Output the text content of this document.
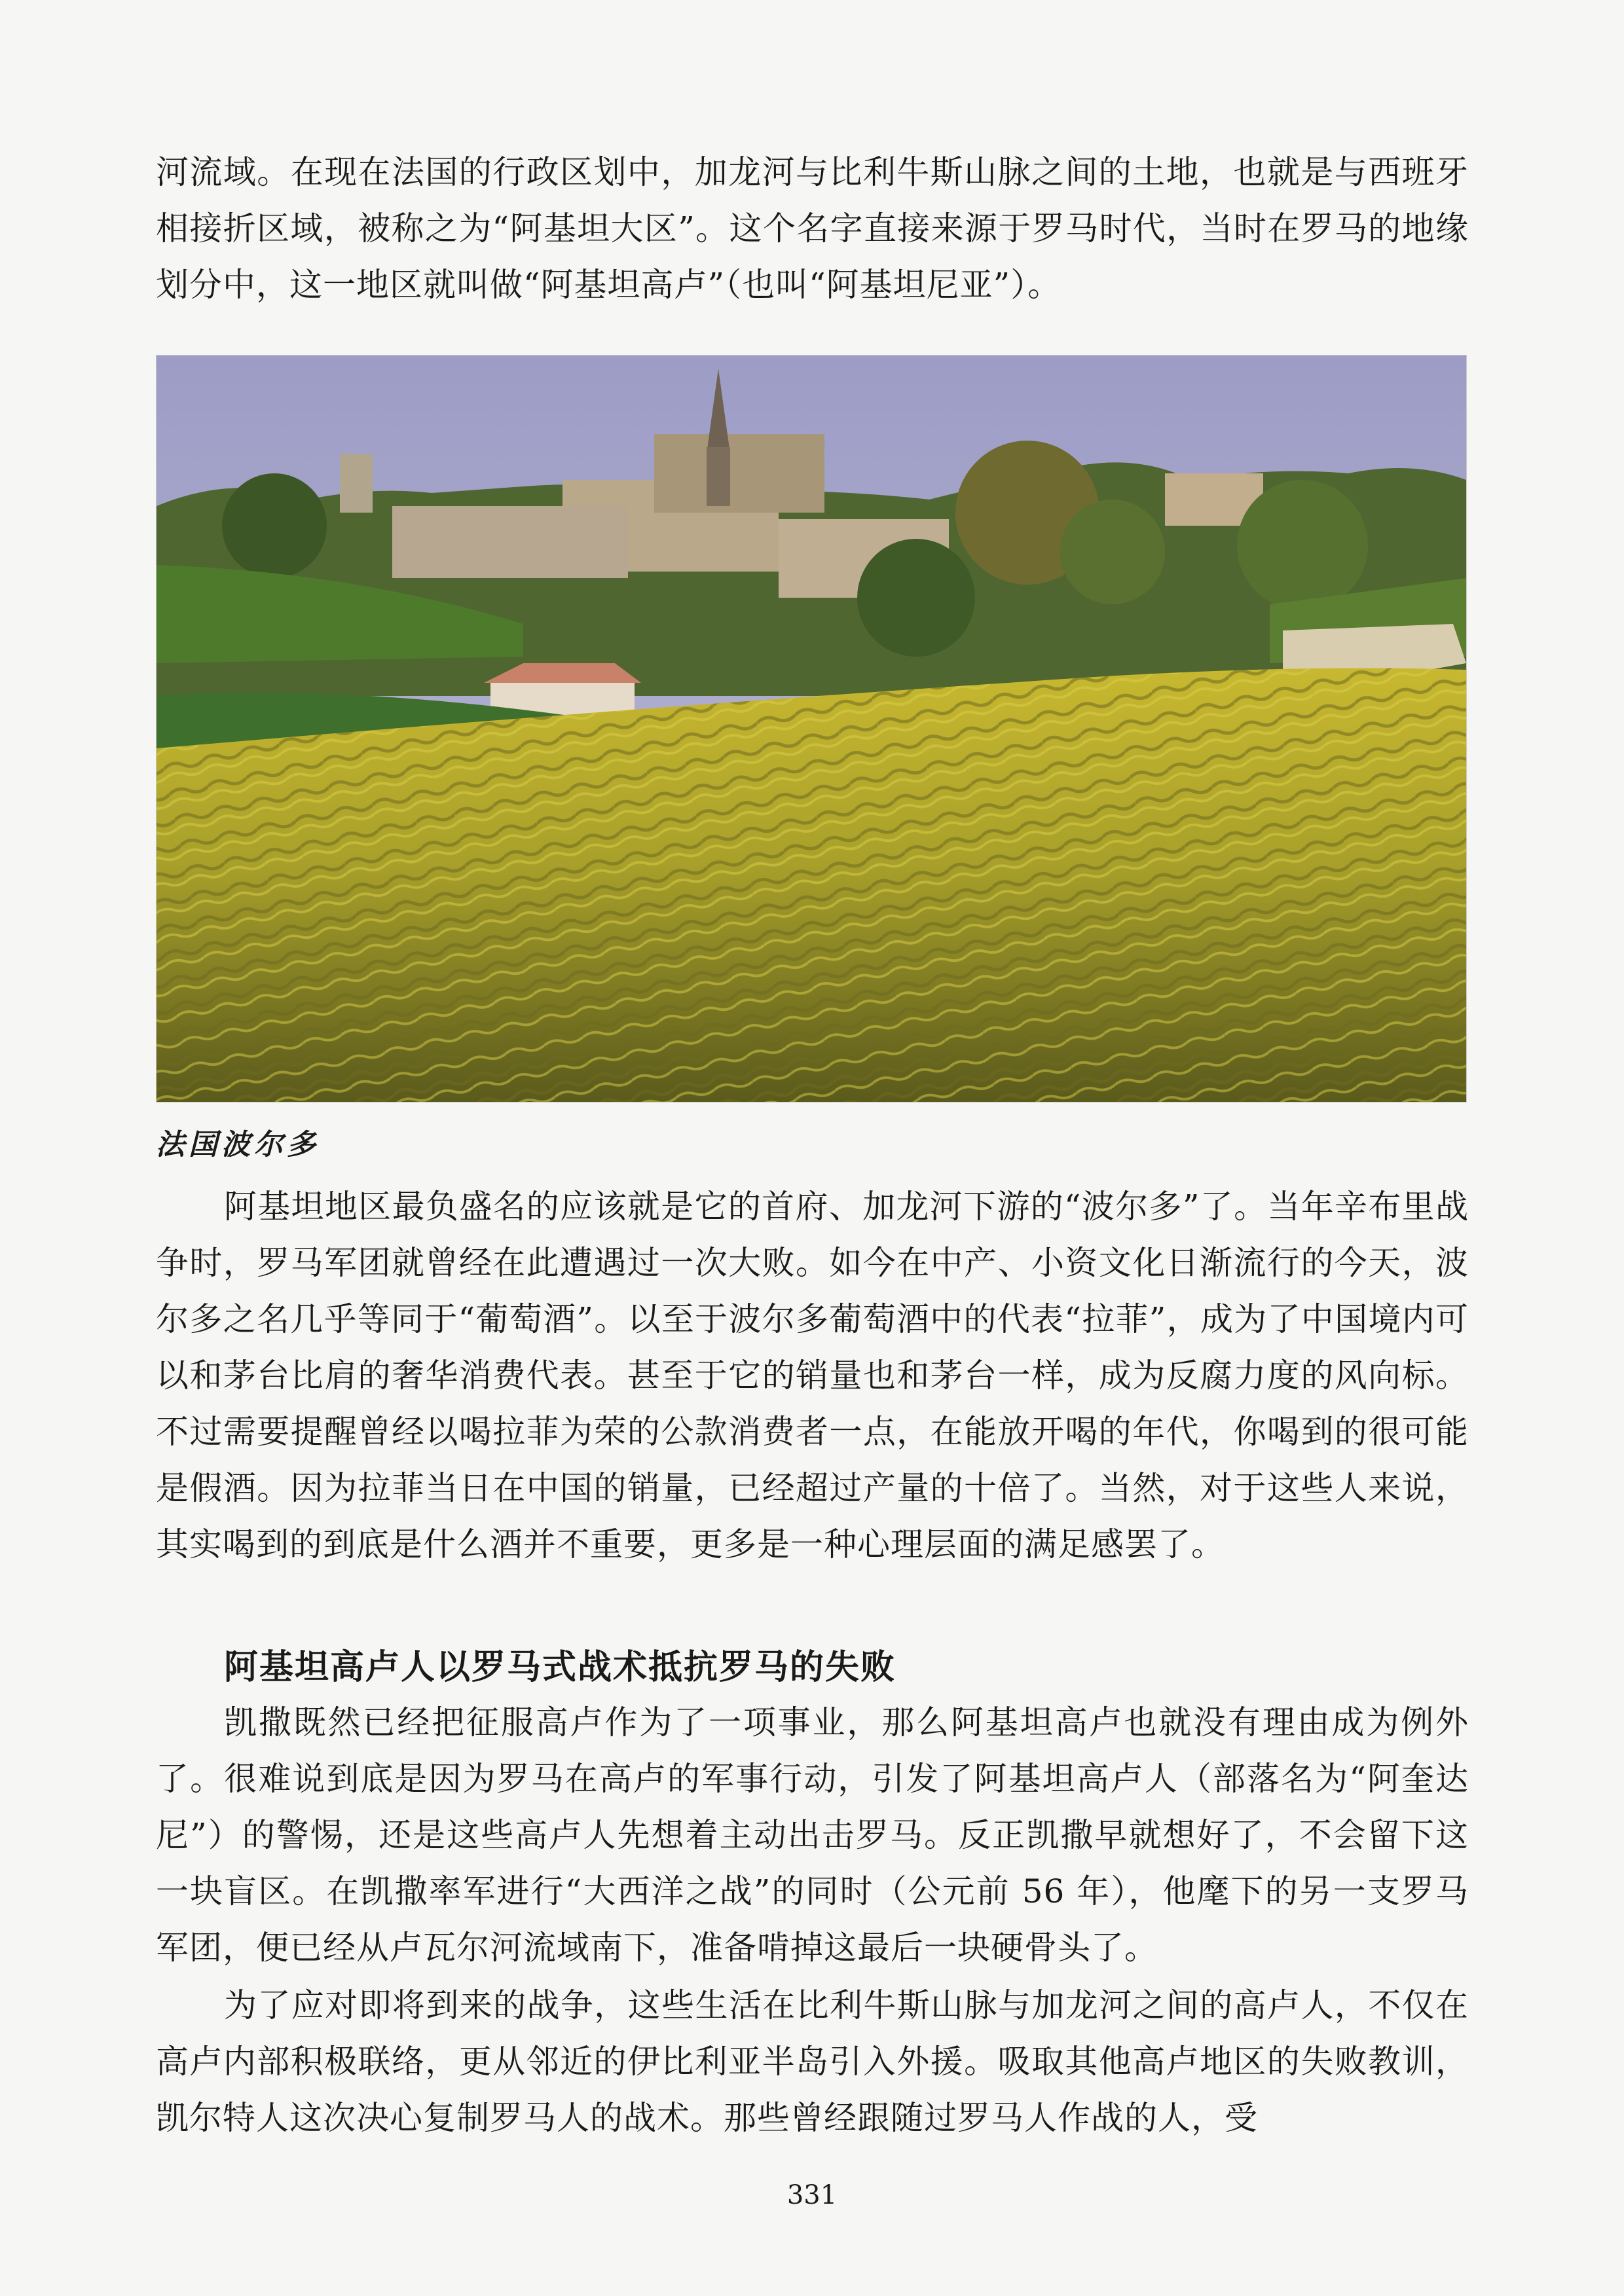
河流域。在现在法国的行政区划中，加龙河与比利牛斯山脉之间的土地，也就是与西班牙相接折区域，被称之为“阿基坦大区”。这个名字直接来源于罗马时代，当时在罗马的地缘划分中，这一地区就叫做“阿基坦高卢”（也叫“阿基坦尼亚”）。

法国波尔多

阿基坦地区最负盛名的应该就是它的首府、加龙河下游的“波尔多”了。当年辛布里战争时，罗马军团就曾经在此遭遇过一次大败。如今在中产、小资文化日渐流行的今天，波尔多之名几乎等同于“葡萄酒”。以至于波尔多葡萄酒中的代表“拉菲”，成为了中国境内可以和茅台比肩的奢华消费代表。甚至于它的销量也和茅台一样，成为反腐力度的风向标。不过需要提醒曾经以喝拉菲为荣的公款消费者一点，在能放开喝的年代，你喝到的很可能是假酒。因为拉菲当日在中国的销量，已经超过产量的十倍了。当然，对于这些人来说，其实喝到的到底是什么酒并不重要，更多是一种心理层面的满足感罢了。

阿基坦高卢人以罗马式战术抵抗罗马的失败

凯撒既然已经把征服高卢作为了一项事业，那么阿基坦高卢也就没有理由成为例外了。很难说到底是因为罗马在高卢的军事行动，引发了阿基坦高卢人（部落名为“阿奎达尼”）的警惕，还是这些高卢人先想着主动出击罗马。反正凯撒早就想好了，不会留下这一块盲区。在凯撒率军进行“大西洋之战”的同时（公元前 56 年），他麾下的另一支罗马军团，便已经从卢瓦尔河流域南下，准备啃掉这最后一块硬骨头了。

为了应对即将到来的战争，这些生活在比利牛斯山脉与加龙河之间的高卢人，不仅在高卢内部积极联络，更从邻近的伊比利亚半岛引入外援。吸取其他高卢地区的失败教训，凯尔特人这次决心复制罗马人的战术。那些曾经跟随过罗马人作战的人，受

331
